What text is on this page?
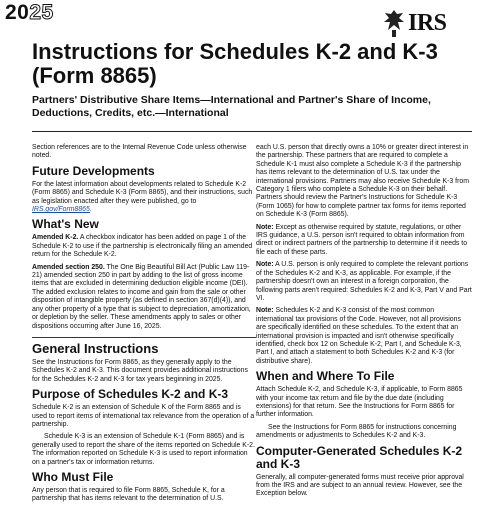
2025	IRS
Instructions for Schedules K-2 and K-3 (Form 8865)
Partners' Distributive Share Items—International and Partner's Share of Income, Deductions, Credits, etc.—International

Section references are to the Internal Revenue Code unless otherwise noted.

Future Developments

For the latest information about developments related to Schedule K-2 (Form 8865) and Schedule K-3 (Form 8865), and their instructions, such as legislation enacted after they were published, go to IRS.gov/Form8865.

What's New

Amended K-2. A checkbox indicator has been added on page 1 of the Schedule K-2 to use if the partnership is electronically filing an amended return for the Schedule K-2.

Amended section 250. The One Big Beautiful Bill Act (Public Law 119-21) amended section 250 in part by adding to the list of gross income items that are excluded in determining deduction eligible income (DEI). The added exclusion relates to income and gain from the sale or other disposition of intangible property (as defined in section 367(d)(4)), and any other property of a type that is subject to depreciation, amortization, or depletion by the seller. These amendments apply to sales or other dispositions occurring after June 16, 2025.

General Instructions

See the Instructions for Form 8865, as they generally apply to the Schedules K-2 and K-3. This document provides additional instructions for the Schedules K-2 and K-3 for tax years beginning in 2025.

Purpose of Schedules K-2 and K-3

Schedule K-2 is an extension of Schedule K of the Form 8865 and is used to report items of international tax relevance from the operation of a partnership.

Schedule K-3 is an extension of Schedule K-1 (Form 8865) and is generally used to report the share of the items reported on Schedule K-2. The information reported on Schedule K-3 is used to report information on a partner's tax or information returns.

Who Must File

Any person that is required to file Form 8865, Schedule K, for a partnership that has items relevant to the determination of U.S.

each U.S. person that directly owns a 10% or greater direct interest in the partnership. These partners that are required to complete a Schedule K-1 must also complete a Schedule K-3 if the partnership has items relevant to the determination of U.S. tax under the international provisions. Partners may also receive Schedule K-3 from Category 1 filers who complete a Schedule K-3 on their behalf. Partners should review the Partner's Instructions for Schedule K-3 (Form 1065) for how to complete partner tax forms for items reported on Schedule K-3 (Form 8865).

Note: Except as otherwise required by statute, regulations, or other IRS guidance, a U.S. person isn't required to obtain information from direct or indirect partners of the partnership to determine if it needs to file each of these parts.

Note: A U.S. person is only required to complete the relevant portions of the Schedules K-2 and K-3, as applicable. For example, if the partnership doesn't own an interest in a foreign corporation, the following parts aren't required: Schedules K-2 and K-3, Part V and Part VI.

Note: Schedules K-2 and K-3 consist of the most common international tax provisions of the Code. However, not all provisions are specifically identified on these schedules. To the extent that an international provision is impacted and isn't otherwise specifically identified, check box 12 on Schedule K-2, Part I, and Schedule K-3, Part I, and attach a statement to both Schedules K-2 and K-3 (for distributive share).

When and Where To File

Attach Schedule K-2, and Schedule K-3, if applicable, to Form 8865 with your income tax return and file by the due date (including extensions) for that return. See the Instructions for Form 8865 for further information.

See the Instructions for Form 8865 for instructions concerning amendments or adjustments to Schedules K-2 and K-3.

Computer-Generated Schedules K-2 and K-3

Generally, all computer-generated forms must receive prior approval from the IRS and are subject to an annual review. However, see the Exception below.
